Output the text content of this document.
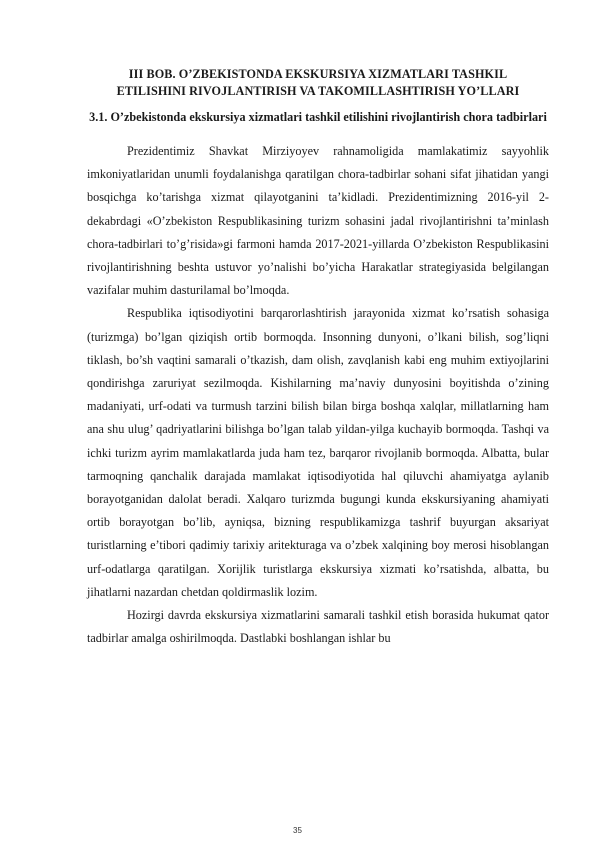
III BOB. O’ZBEKISTONDA EKSKURSIYA XIZMATLARI TASHKIL
ETILISHINI RIVOJLANTIRISH VA TAKOMILLASHTIRISH YO’LLARI
3.1. O’zbekistonda ekskursiya xizmatlari tashkil etilishini rivojlantirish chora tadbirlari

Prezidentimiz Shavkat Mirziyoyev rahnamoligida mamlakatimiz sayyohlik imkoniyatlaridan unumli foydalanishga qaratilgan chora-tadbirlar sohani sifat jihatidan yangi bosqichga ko’tarishga xizmat qilayotganini ta’kidladi. Prezidentimizning 2016-yil 2-dekabrdagi «O’zbekiston Respublikasining turizm sohasini jadal rivojlantirishni ta’minlash chora-tadbirlari to’g’risida»gi farmoni hamda 2017-2021-yillarda O’zbekiston Respublikasini rivojlantirishning beshta ustuvor yo’nalishi bo’yicha Harakatlar strategiyasida belgilangan vazifalar muhim dasturilamal bo’lmoqda.

Respublika iqtisodiyotini barqarorlashtirish jarayonida xizmat ko’rsatish sohasiga (turizmga) bo’lgan qiziqish ortib bormoqda. Insonning dunyoni, o’lkani bilish, sog’liqni tiklash, bo’sh vaqtini samarali o’tkazish, dam olish, zavqlanish kabi eng muhim extiyojlarini qondirishga zaruriyat sezilmoqda. Kishilarning ma’naviy dunyosini boyitishda o’zining madaniyati, urf-odati va turmush tarzini bilish bilan birga boshqa xalqlar, millatlarning ham ana shu ulug’ qadriyatlarini bilishga bo’lgan talab yildan-yilga kuchayib bormoqda. Tashqi va ichki turizm ayrim mamlakatlarda juda ham tez, barqaror rivojlanib bormoqda. Albatta, bular tarmoqning qanchalik darajada mamlakat iqtisodiyotida hal qiluvchi ahamiyatga aylanib borayotganidan dalolat beradi. Xalqaro turizmda bugungi kunda ekskursiyaning ahamiyati ortib borayotgan bo’lib, ayniqsa, bizning respublikamizga tashrif buyurgan aksariyat turistlarning e’tibori qadimiy tarixiy aritekturaga va o’zbek xalqining boy merosi hisoblangan urf-odatlarga qaratilgan. Xorijlik turistlarga ekskursiya xizmati ko’rsatishda, albatta, bu jihatlarni nazardan chetdan qoldirmaslik lozim.

Hozirgi davrda ekskursiya xizmatlarini samarali tashkil etish borasida hukumat qator tadbirlar amalga oshirilmoqda. Dastlabki boshlangan ishlar bu

35
